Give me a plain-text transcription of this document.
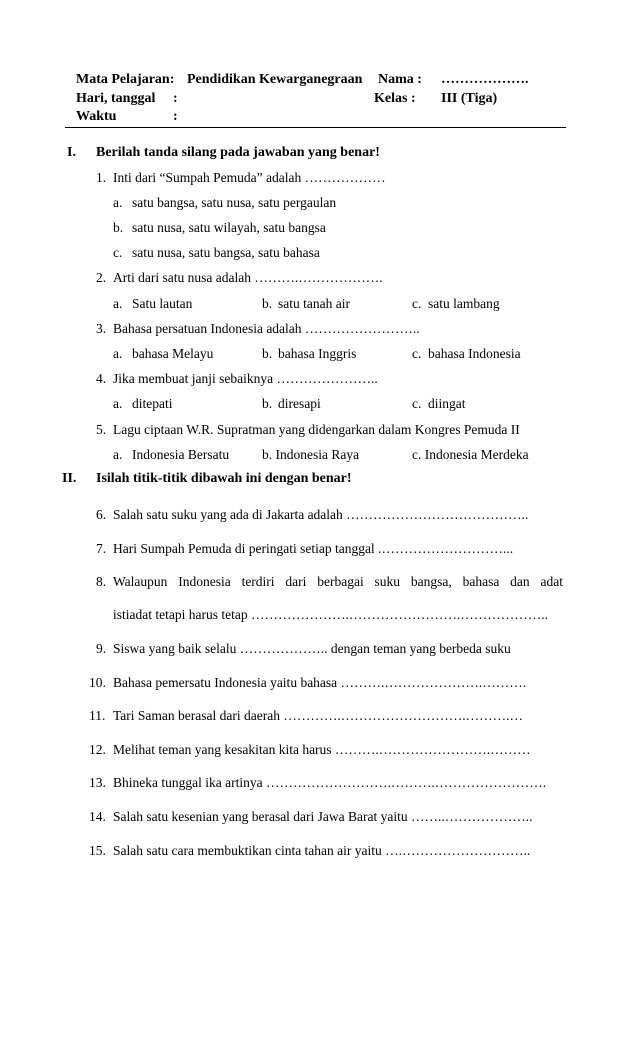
Mata Pelajaran: Pendidikan Kewarganegraan Nama : ……………….
Hari, tanggal :	Kelas : III (Tiga)
Waktu	:
I. Berilah tanda silang pada jawaban yang benar!
1. Inti dari “Sumpah Pemuda” adalah ………………
a. satu bangsa, satu nusa, satu pergaulan
b. satu nusa, satu wilayah, satu bangsa
c. satu nusa, satu bangsa, satu bahasa
2. Arti dari satu nusa adalah ……….……………….
a. Satu lautan	b. satu tanah air	c. satu lambang
3. Bahasa persatuan Indonesia adalah ……………………..
a. bahasa Melayu	b. bahasa Inggris	c. bahasa Indonesia
4. Jika membuat janji sebaiknya …………………..
a. ditepati	b. diresapi	c. diingat
5. Lagu ciptaan W.R. Supratman yang didengarkan dalam Kongres Pemuda II
a. Indonesia Bersatu b. Indonesia Raya	c. Indonesia Merdeka
II. Isilah titik-titik dibawah ini dengan benar!
6. Salah satu suku yang ada di Jakarta adalah …………………………………..
7. Hari Sumpah Pemuda di peringati setiap tanggal .………………………...
8. Walaupun Indonesia terdiri dari berbagai suku bangsa, bahasa dan adat
istiadat tetapi harus tetap ………………….…………………….………………..
9. Siswa yang baik selalu ……………….. dengan teman yang berbeda suku
10. Bahasa pemersatu Indonesia yaitu bahasa ……….………………….……….
11. Tari Saman berasal dari daerah ………….……………………….……….…
12. Melihat teman yang kesakitan kita harus ……….…………………….………
13. Bhineka tunggal ika artinya ……………………….……….…………………….
14. Salah satu kesenian yang berasal dari Jawa Barat yaitu ……..………………..
15. Salah satu cara membuktikan cinta tahan air yaitu ….………………………..
